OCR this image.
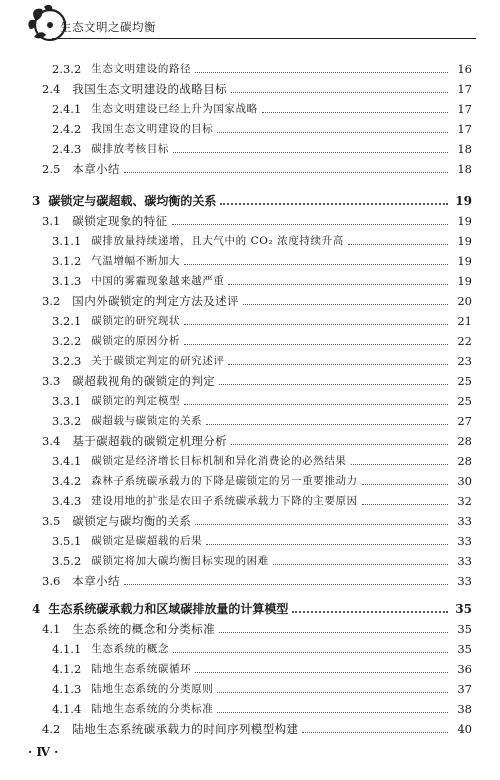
生态文明之碳均衡
2.3.2 生态文明建设的路径	16
2.4 我国生态文明建设的战略目标	17
2.4.1 生态文明建设已经上升为国家战略	17
2.4.2 我国生态文明建设的目标	17
2.4.3 碳排放考核目标	18
2.5 本章小结	18
3 碳锁定与碳超载、碳均衡的关系	19
3.1 碳锁定现象的特征	19
3.1.1 碳排放量持续递增，且大气中的 CO₂ 浓度持续升高	19
3.1.2 气温增幅不断加大	19
3.1.3 中国的雾霾现象越来越严重	19
3.2 国内外碳锁定的判定方法及述评	20
3.2.1 碳锁定的研究现状	21
3.2.2 碳锁定的原因分析	22
3.2.3 关于碳锁定判定的研究述评	23
3.3 碳超载视角的碳锁定的判定	25
3.3.1 碳锁定的判定模型	25
3.3.2 碳超载与碳锁定的关系	27
3.4 基于碳超载的碳锁定机理分析	28
3.4.1 碳锁定是经济增长目标机制和异化消费论的必然结果	28
3.4.2 森林子系统碳承载力的下降是碳锁定的另一重要推动力	30
3.4.3 建设用地的扩张是农田子系统碳承载力下降的主要原因	32
3.5 碳锁定与碳均衡的关系	33
3.5.1 碳锁定是碳超载的后果	33
3.5.2 碳锁定将加大碳均衡目标实现的困难	33
3.6 本章小结	33
4 生态系统碳承载力和区域碳排放量的计算模型	35
4.1 生态系统的概念和分类标准	35
4.1.1 生态系统的概念	35
4.1.2 陆地生态系统碳循环	36
4.1.3 陆地生态系统的分类原则	37
4.1.4 陆地生态系统的分类标准	38
4.2 陆地生态系统碳承载力的时间序列模型构建	40
· Ⅳ ·
